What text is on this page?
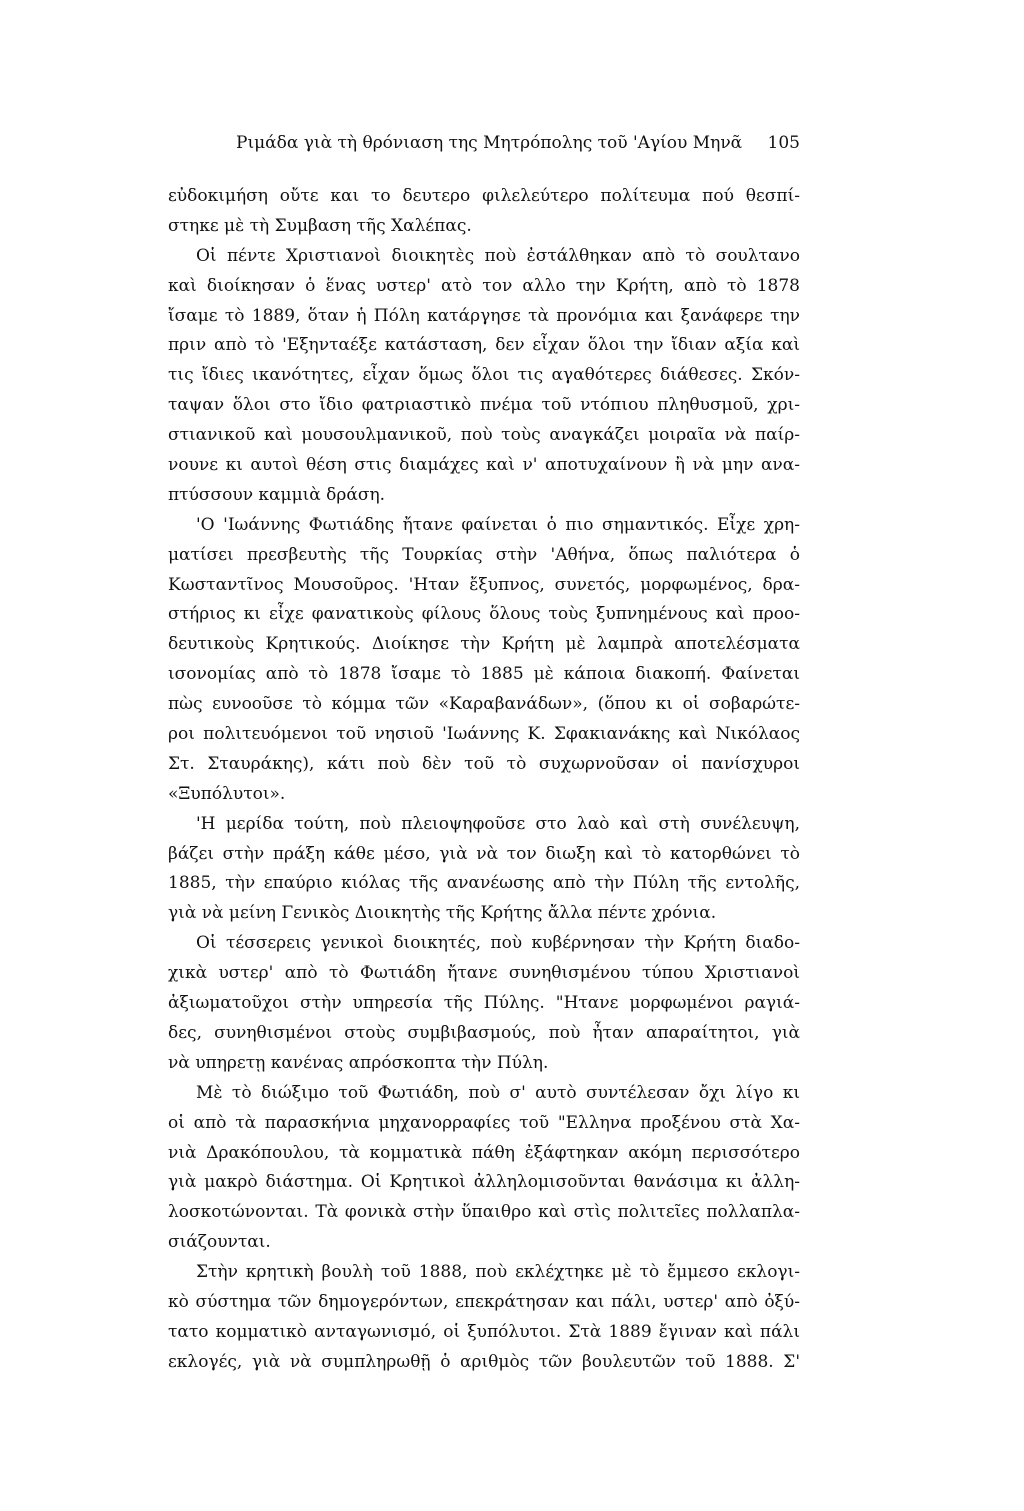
Ριμάδα γιὰ τὴ θρόνιαση της Μητρόπολης τοῦ 'Αγίου Μηνᾶ 105
εὐδοκιμήση οὔτε και το δευτερο φιλελεύτερο πολίτευμα πού θεσπί-
στηκε μὲ τὴ Συμβαση τῆς Χαλέπας.
Οἱ πέντε Χριστιανοὶ διοικητὲς ποὺ ἐστάλθηκαν απὸ τὸ σουλτανο
καὶ διοίκησαν ὁ ἕνας υστερ' ατὸ τον αλλο την Κρήτη, απὸ τὸ 1878
ἴσαμε τὸ 1889, ὅταν ἡ Πόλη κατάργησε τὰ προνόμια και ξανάφερε την
πριν απὸ τὸ 'Εξηνταέξε κατάσταση, δεν εἶχαν ὅλοι την ἴδιαν αξία καὶ
τις ἴδιες ικανότητες, εἶχαν ὅμως ὅλοι τις αγαθότερες διάθεσες. Σκόν-
ταψαν ὅλοι στο ἴδιο φατριαστικὸ πνέμα τοῦ ντόπιου πληθυσμοῦ, χρι-
στιανικοῦ καὶ μουσουλμανικοῦ, ποὺ τοὺς αναγκάζει μοιραῖα νὰ παίρ-
νουνε κι αυτοὶ θέση στις διαμάχες καὶ ν' αποτυχαίνουν ἢ νὰ μην ανα-
πτύσσουν καμμιὰ δράση.
'Ο 'Ιωάννης Φωτιάδης ἤτανε φαίνεται ὁ πιο σημαντικός. Εἶχε χρη-
ματίσει πρεσβευτὴς τῆς Τουρκίας στὴν 'Αθήνα, ὅπως παλιότερα ὁ
Κωσταντῖνος Μουσοῦρος. 'Ηταν ἔξυπνος, συνετός, μορφωμένος, δρα-
στήριος κι εἶχε φανατικοὺς φίλους ὅλους τοὺς ξυπνημένους καὶ προο-
δευτικοὺς Κρητικούς. Διοίκησε τὴν Κρήτη μὲ λαμπρὰ αποτελέσματα
ισονομίας απὸ τὸ 1878 ἴσαμε τὸ 1885 μὲ κάποια διακοπή. Φαίνεται
πὼς ευνοοῦσε τὸ κόμμα τῶν «Καραβανάδων», (ὅπου κι οἱ σοβαρώτε-
ροι πολιτευόμενοι τοῦ νησιοῦ 'Ιωάννης Κ. Σφακιανάκης καὶ Νικόλαος
Στ. Σταυράκης), κάτι ποὺ δὲν τοῦ τὸ συχωρνοῦσαν οἱ πανίσχυροι
«Ξυπόλυτοι».
'Η μερίδα τούτη, ποὺ πλειοψηφοῦσε στο λαὸ καὶ στὴ συνέλευψη,
βάζει στὴν πράξη κάθε μέσο, γιὰ νὰ τον διωξη καὶ τὸ κατορθώνει τὸ
1885, τὴν επαύριο κιόλας τῆς ανανέωσης απὸ τὴν Πύλη τῆς εντολῆς,
γιὰ νὰ μείνη Γενικὸς Διοικητὴς τῆς Κρήτης ἄλλα πέντε χρόνια.
Οἱ τέσσερεις γενικοὶ διοικητές, ποὺ κυβέρνησαν τὴν Κρήτη διαδο-
χικὰ υστερ' απὸ τὸ Φωτιάδη ἤτανε συνηθισμένου τύπου Χριστιανοὶ
ἀξιωματοῦχοι στὴν υπηρεσία τῆς Πύλης. "Ητανε μορφωμένοι ραγιά-
δες, συνηθισμένοι στοὺς συμβιβασμούς, ποὺ ἦταν απαραίτητοι, γιὰ
νὰ υπηρετῃ κανένας απρόσκοπτα τὴν Πύλη.
Μὲ τὸ διώξιμο τοῦ Φωτιάδη, ποὺ σ' αυτὸ συντέλεσαν ὄχι λίγο κι
οἱ απὸ τὰ παρασκήνια μηχανορραφίες τοῦ "Ελληνα προξένου στὰ Χα-
νιὰ Δρακόπουλου, τὰ κομματικὰ πάθη ἐξάφτηκαν ακόμη περισσότερο
γιὰ μακρὸ διάστημα. Οἱ Κρητικοὶ ἀλληλομισοῦνται θανάσιμα κι ἀλλη-
λοσκοτώνονται. Τὰ φονικὰ στὴν ὕπαιθρο καὶ στὶς πολιτεῖες πολλαπλα-
σιάζουνται.
Στὴν κρητικὴ βουλὴ τοῦ 1888, ποὺ εκλέχτηκε μὲ τὸ ἔμμεσο εκλογι-
κὸ σύστημα τῶν δημογερόντων, επεκράτησαν και πάλι, υστερ' απὸ ὀξύ-
τατο κομματικὸ ανταγωνισμό, οἱ ξυπόλυτοι. Στὰ 1889 ἔγιναν καὶ πάλι
εκλογές, γιὰ νὰ συμπληρωθῇ ὁ αριθμὸς τῶν βουλευτῶν τοῦ 1888. Σ'
